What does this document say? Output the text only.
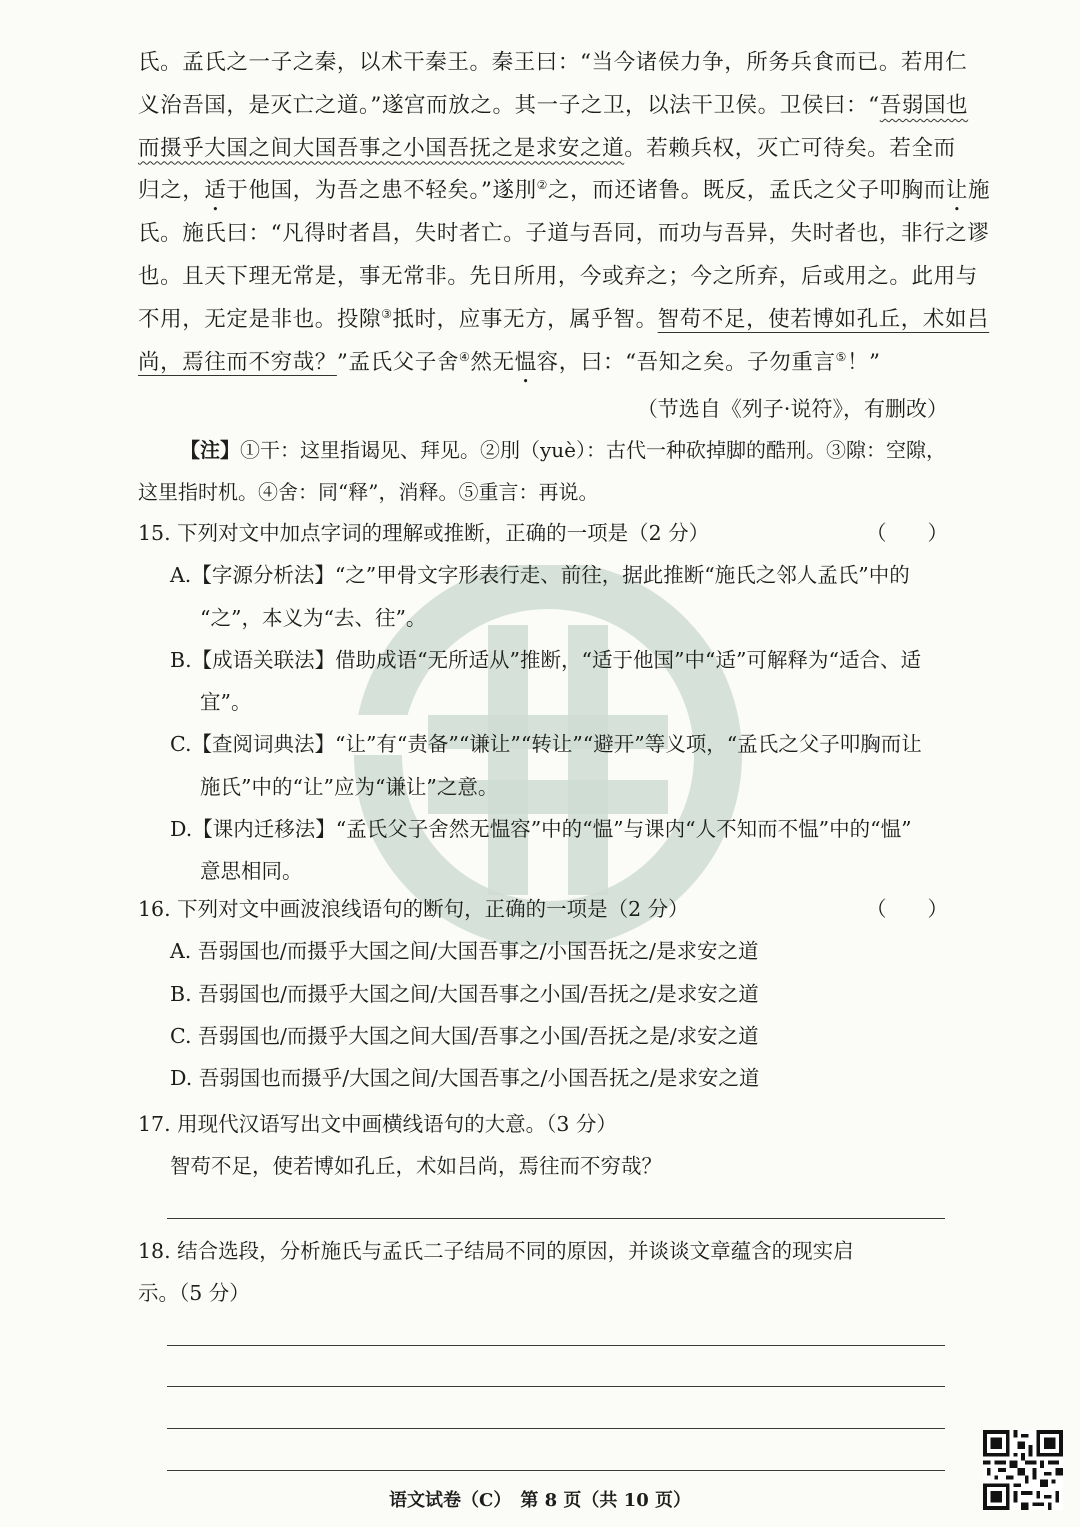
氏。孟氏之一子之秦，以术干秦王。秦王曰：“当今诸侯力争，所务兵食而已。若用仁
义治吾国，是灭亡之道。”遂宫而放之。其一子之卫，以法干卫侯。卫侯曰：“吾弱国也
而摄乎大国之间大国吾事之小国吾抚之是求安之道。若赖兵权，灭亡可待矣。若全而
归之，适于他国，为吾之患不轻矣。”遂刖②之，而还诸鲁。既反，孟氏之父子叩胸而让施
氏。施氏曰：“凡得时者昌，失时者亡。子道与吾同，而功与吾异，失时者也，非行之谬
也。且天下理无常是，事无常非。先日所用，今或弃之；今之所弃，后或用之。此用与
不用，无定是非也。投隙③抵时，应事无方，属乎智。智苟不足，使若博如孔丘，术如吕
尚，焉往而不穷哉？”孟氏父子舍④然无愠容，曰：“吾知之矣。子勿重言⑤！”
（节选自《列子·说符》，有删改）
【注】①干：这里指谒见、拜见。②刖（yuè）：古代一种砍掉脚的酷刑。③隙：空隙，
这里指时机。④舍：同“释”，消释。⑤重言：再说。
15. 下列对文中加点字词的理解或推断，正确的一项是（2 分）	（　　）
A.【字源分析法】“之”甲骨文字形表行走、前往，据此推断“施氏之邻人孟氏”中的
“之”，本义为“去、往”。
B.【成语关联法】借助成语“无所适从”推断，“适于他国”中“适”可解释为“适合、适
宜”。
C.【查阅词典法】“让”有“责备”“谦让”“转让”“避开”等义项，“孟氏之父子叩胸而让
施氏”中的“让”应为“谦让”之意。
D.【课内迁移法】“孟氏父子舍然无愠容”中的“愠”与课内“人不知而不愠”中的“愠”
意思相同。
16. 下列对文中画波浪线语句的断句，正确的一项是（2 分）	（　　）
A. 吾弱国也/而摄乎大国之间/大国吾事之/小国吾抚之/是求安之道
B. 吾弱国也/而摄乎大国之间/大国吾事之小国/吾抚之/是求安之道
C. 吾弱国也/而摄乎大国之间大国/吾事之小国/吾抚之是/求安之道
D. 吾弱国也而摄乎/大国之间/大国吾事之/小国吾抚之/是求安之道
17. 用现代汉语写出文中画横线语句的大意。（3 分）
智苟不足，使若博如孔丘，术如吕尚，焉往而不穷哉？
18. 结合选段，分析施氏与孟氏二子结局不同的原因，并谈谈文章蕴含的现实启
示。（5 分）
语文试卷（C）　第 8 页（共 10 页）
